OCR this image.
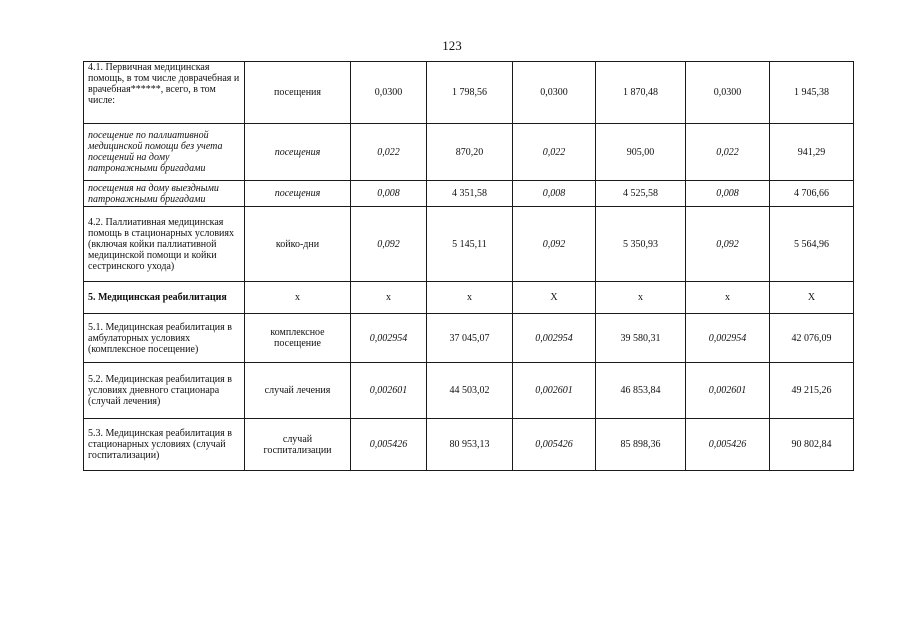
123
4.1. Первичная медицинская помощь, в том числе доврачебная и врачебная******, всего, в том числе:	посещения	0,0300	1 798,56	0,0300	1 870,48	0,0300	1 945,38
посещение по паллиативной медицинской помощи без учета посещений на дому патронажными бригадами	посещения	0,022	870,20	0,022	905,00	0,022	941,29
посещения на дому выездными патронажными бригадами	посещения	0,008	4 351,58	0,008	4 525,58	0,008	4 706,66
4.2. Паллиативная медицинская помощь в стационарных условиях (включая койки паллиативной медицинской помощи и койки сестринского ухода)	койко-дни	0,092	5 145,11	0,092	5 350,93	0,092	5 564,96
5. Медицинская реабилитация	х	х	х	Х	х	х	Х
5.1. Медицинская реабилитация в амбулаторных условиях (комплексное посещение)	комплексное посещение	0,002954	37 045,07	0,002954	39 580,31	0,002954	42 076,09
5.2. Медицинская реабилитация в условиях дневного стационара (случай лечения)	случай лечения	0,002601	44 503,02	0,002601	46 853,84	0,002601	49 215,26
5.3. Медицинская реабилитация в стационарных условиях (случай госпитализации)	случай госпитализации	0,005426	80 953,13	0,005426	85 898,36	0,005426	90 802,84
